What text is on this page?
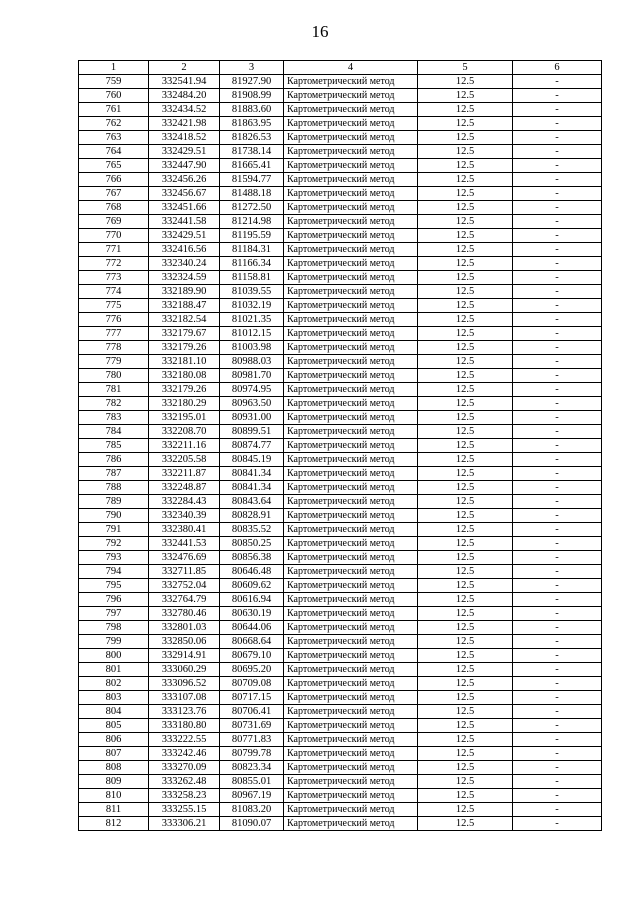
16
1	2	3	4	5	6
759	332541.94	81927.90	Картометрический метод	12.5	-
760	332484.20	81908.99	Картометрический метод	12.5	-
761	332434.52	81883.60	Картометрический метод	12.5	-
762	332421.98	81863.95	Картометрический метод	12.5	-
763	332418.52	81826.53	Картометрический метод	12.5	-
764	332429.51	81738.14	Картометрический метод	12.5	-
765	332447.90	81665.41	Картометрический метод	12.5	-
766	332456.26	81594.77	Картометрический метод	12.5	-
767	332456.67	81488.18	Картометрический метод	12.5	-
768	332451.66	81272.50	Картометрический метод	12.5	-
769	332441.58	81214.98	Картометрический метод	12.5	-
770	332429.51	81195.59	Картометрический метод	12.5	-
771	332416.56	81184.31	Картометрический метод	12.5	-
772	332340.24	81166.34	Картометрический метод	12.5	-
773	332324.59	81158.81	Картометрический метод	12.5	-
774	332189.90	81039.55	Картометрический метод	12.5	-
775	332188.47	81032.19	Картометрический метод	12.5	-
776	332182.54	81021.35	Картометрический метод	12.5	-
777	332179.67	81012.15	Картометрический метод	12.5	-
778	332179.26	81003.98	Картометрический метод	12.5	-
779	332181.10	80988.03	Картометрический метод	12.5	-
780	332180.08	80981.70	Картометрический метод	12.5	-
781	332179.26	80974.95	Картометрический метод	12.5	-
782	332180.29	80963.50	Картометрический метод	12.5	-
783	332195.01	80931.00	Картометрический метод	12.5	-
784	332208.70	80899.51	Картометрический метод	12.5	-
785	332211.16	80874.77	Картометрический метод	12.5	-
786	332205.58	80845.19	Картометрический метод	12.5	-
787	332211.87	80841.34	Картометрический метод	12.5	-
788	332248.87	80841.34	Картометрический метод	12.5	-
789	332284.43	80843.64	Картометрический метод	12.5	-
790	332340.39	80828.91	Картометрический метод	12.5	-
791	332380.41	80835.52	Картометрический метод	12.5	-
792	332441.53	80850.25	Картометрический метод	12.5	-
793	332476.69	80856.38	Картометрический метод	12.5	-
794	332711.85	80646.48	Картометрический метод	12.5	-
795	332752.04	80609.62	Картометрический метод	12.5	-
796	332764.79	80616.94	Картометрический метод	12.5	-
797	332780.46	80630.19	Картометрический метод	12.5	-
798	332801.03	80644.06	Картометрический метод	12.5	-
799	332850.06	80668.64	Картометрический метод	12.5	-
800	332914.91	80679.10	Картометрический метод	12.5	-
801	333060.29	80695.20	Картометрический метод	12.5	-
802	333096.52	80709.08	Картометрический метод	12.5	-
803	333107.08	80717.15	Картометрический метод	12.5	-
804	333123.76	80706.41	Картометрический метод	12.5	-
805	333180.80	80731.69	Картометрический метод	12.5	-
806	333222.55	80771.83	Картометрический метод	12.5	-
807	333242.46	80799.78	Картометрический метод	12.5	-
808	333270.09	80823.34	Картометрический метод	12.5	-
809	333262.48	80855.01	Картометрический метод	12.5	-
810	333258.23	80967.19	Картометрический метод	12.5	-
811	333255.15	81083.20	Картометрический метод	12.5	-
812	333306.21	81090.07	Картометрический метод	12.5	-
